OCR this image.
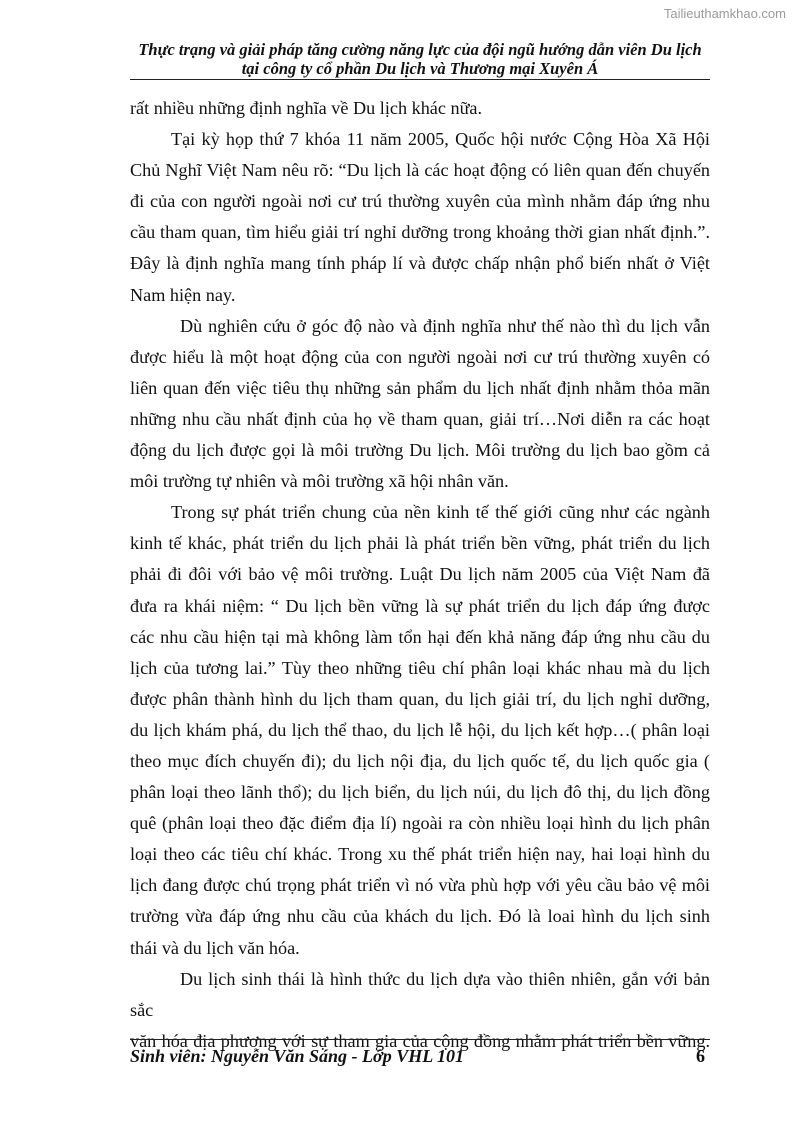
Tailieuthamkhao.com
Thực trạng và giải pháp tăng cường năng lực của đội ngũ hướng dẫn viên Du lịch
tại công ty cổ phần Du lịch và Thương mại Xuyên Á
rất nhiều những định nghĩa về Du lịch khác nữa.
Tại kỳ họp thứ 7 khóa 11 năm 2005, Quốc hội nước Cộng Hòa Xã Hội
Chủ Nghĩ Việt Nam nêu rõ: “Du lịch là các hoạt động có liên quan đến chuyến
đi của con người ngoài nơi cư trú thường xuyên của mình nhằm đáp ứng nhu
cầu tham quan, tìm hiểu giải trí nghỉ dưỡng trong khoảng thời gian nhất định.”.
Đây là định nghĩa mang tính pháp lí và được chấp nhận phổ biến nhất ở Việt
Nam hiện nay.
Dù nghiên cứu ở góc độ nào và định nghĩa như thế nào thì du lịch vẫn
được hiểu là một hoạt động của con người ngoài nơi cư trú thường xuyên có
liên quan đến việc tiêu thụ những sản phẩm du lịch nhất định nhằm thỏa mãn
những nhu cầu nhất định của họ về tham quan, giải trí…Nơi diễn ra các hoạt
động du lịch được gọi là môi trường Du lịch. Môi trường du lịch bao gồm cả
môi trường tự nhiên và môi trường xã hội nhân văn.
Trong sự phát triển chung của nền kinh tế thế giới cũng như các ngành
kinh tế khác, phát triển du lịch phải là phát triển bền vững, phát triển du lịch
phải đi đôi với bảo vệ môi trường. Luật Du lịch năm 2005 của Việt Nam đã
đưa ra khái niệm: “ Du lịch bền vững là sự phát triển du lịch đáp ứng được
các nhu cầu hiện tại mà không làm tổn hại đến khả năng đáp ứng nhu cầu du
lịch của tương lai.” Tùy theo những tiêu chí phân loại khác nhau mà du lịch
được phân thành hình du lịch tham quan, du lịch giải trí, du lịch nghỉ dưỡng,
du lịch khám phá, du lịch thể thao, du lịch lễ hội, du lịch kết hợp…( phân loại
theo mục đích chuyến đi); du lịch nội địa, du lịch quốc tế, du lịch quốc gia (
phân loại theo lãnh thổ); du lịch biển, du lịch núi, du lịch đô thị, du lịch đồng
quê (phân loại theo đặc điểm địa lí) ngoài ra còn nhiều loại hình du lịch phân
loại theo các tiêu chí khác. Trong xu thế phát triển hiện nay, hai loại hình du
lịch đang được chú trọng phát triển vì nó vừa phù hợp với yêu cầu bảo vệ môi
trường vừa đáp ứng nhu cầu của khách du lịch. Đó là loai hình du lịch sinh
thái và du lịch văn hóa.
Du lịch sinh thái là hình thức du lịch dựa vào thiên nhiên, gắn với bản sắc
văn hóa địa phương với sự tham gia của cộng đồng nhằm phát triển bền vững.
Sinh viên: Nguyễn Văn Sáng - Lớp VHL 101	6
